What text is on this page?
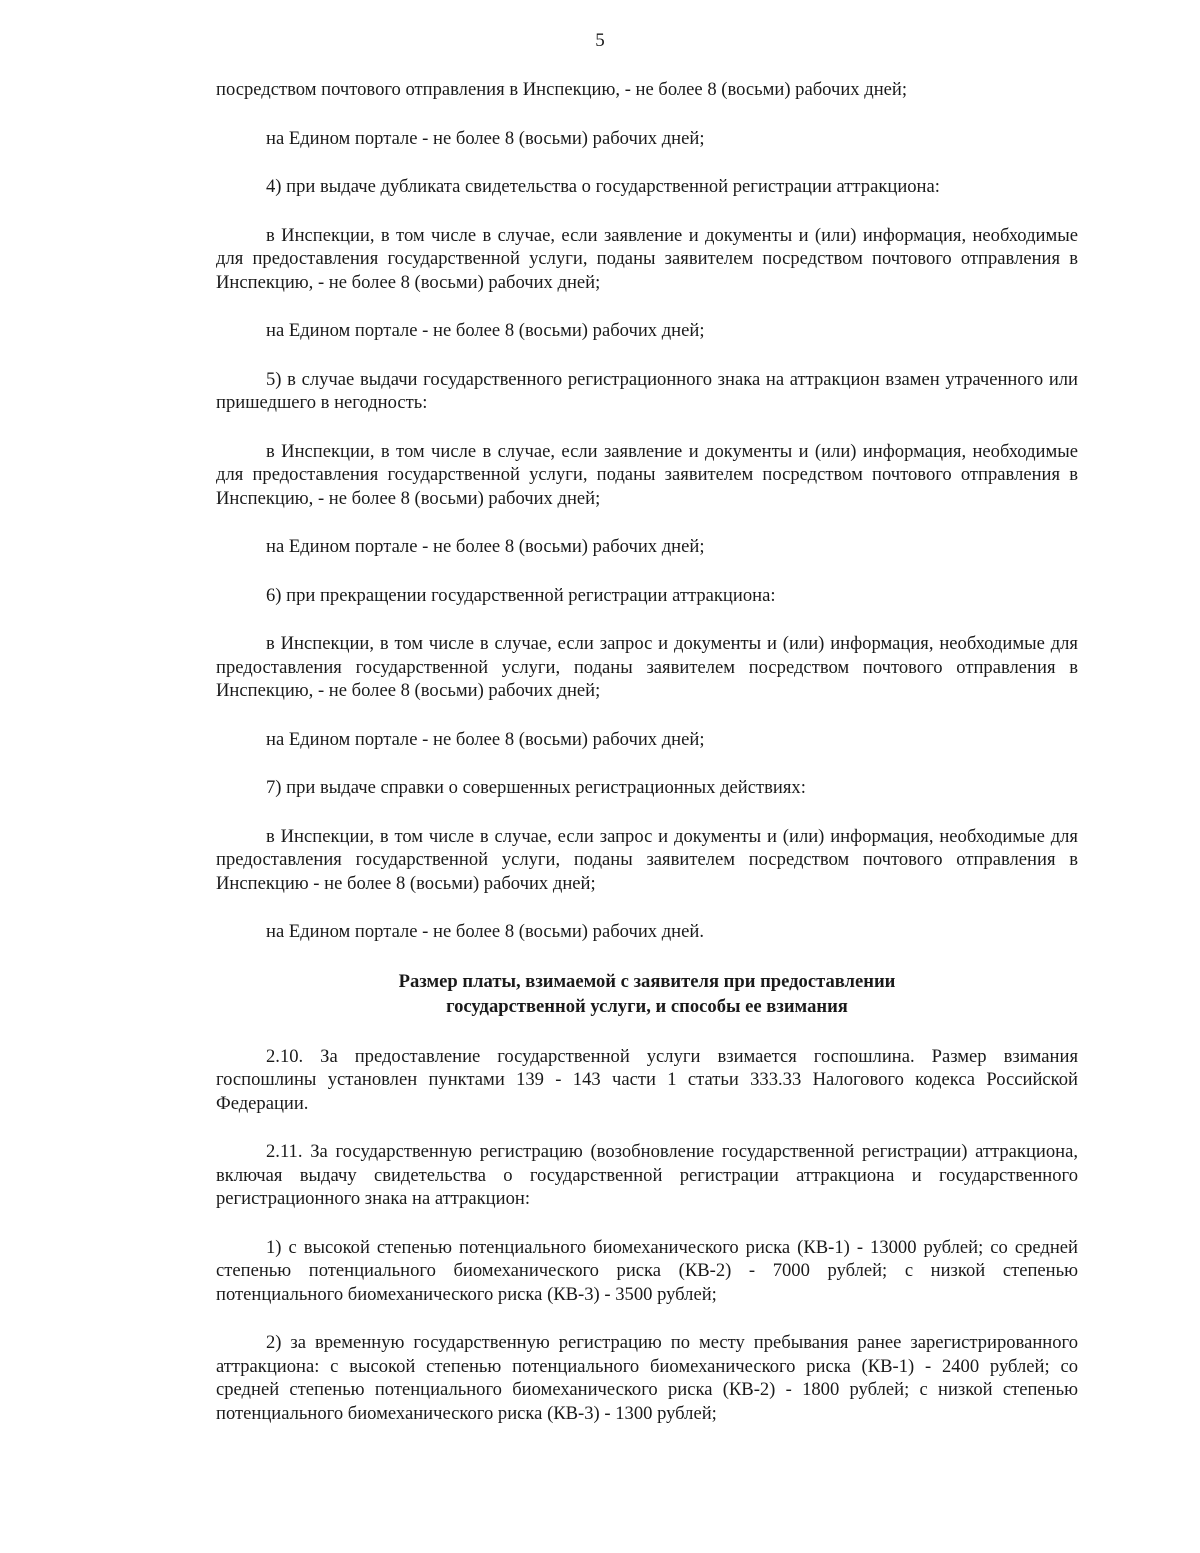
5

посредством почтового отправления в Инспекцию, - не более 8 (восьми) рабочих дней;

на Едином портале - не более 8 (восьми) рабочих дней;

4) при выдаче дубликата свидетельства о государственной регистрации аттракциона:

в Инспекции, в том числе в случае, если заявление и документы и (или) информация, необходимые для предоставления государственной услуги, поданы заявителем посредством почтового отправления в Инспекцию, - не более 8 (восьми) рабочих дней;

на Едином портале - не более 8 (восьми) рабочих дней;

5) в случае выдачи государственного регистрационного знака на аттракцион взамен утраченного или пришедшего в негодность:

в Инспекции, в том числе в случае, если заявление и документы и (или) информация, необходимые для предоставления государственной услуги, поданы заявителем посредством почтового отправления в Инспекцию, - не более 8 (восьми) рабочих дней;

на Едином портале - не более 8 (восьми) рабочих дней;

6) при прекращении государственной регистрации аттракциона:

в Инспекции, в том числе в случае, если запрос и документы и (или) информация, необходимые для предоставления государственной услуги, поданы заявителем посредством почтового отправления в Инспекцию, - не более 8 (восьми) рабочих дней;

на Едином портале - не более 8 (восьми) рабочих дней;

7) при выдаче справки о совершенных регистрационных действиях:

в Инспекции, в том числе в случае, если запрос и документы и (или) информация, необходимые для предоставления государственной услуги, поданы заявителем посредством почтового отправления в Инспекцию - не более 8 (восьми) рабочих дней;

на Едином портале - не более 8 (восьми) рабочих дней.

Размер платы, взимаемой с заявителя при предоставлении
государственной услуги, и способы ее взимания

2.10. За предоставление государственной услуги взимается госпошлина. Размер взимания госпошлины установлен пунктами 139 - 143 части 1 статьи 333.33 Налогового кодекса Российской Федерации.

2.11. За государственную регистрацию (возобновление государственной регистрации) аттракциона, включая выдачу свидетельства о государственной регистрации аттракциона и государственного регистрационного знака на аттракцион:

1) с высокой степенью потенциального биомеханического риска (КВ-1) - 13000 рублей; со средней степенью потенциального биомеханического риска (КВ-2) - 7000 рублей; с низкой степенью потенциального биомеханического риска (КВ-3) - 3500 рублей;

2) за временную государственную регистрацию по месту пребывания ранее зарегистрированного аттракциона: с высокой степенью потенциального биомеханического риска (КВ-1) - 2400 рублей; со средней степенью потенциального биомеханического риска (КВ-2) - 1800 рублей; с низкой степенью потенциального биомеханического риска (КВ-3) - 1300 рублей;
